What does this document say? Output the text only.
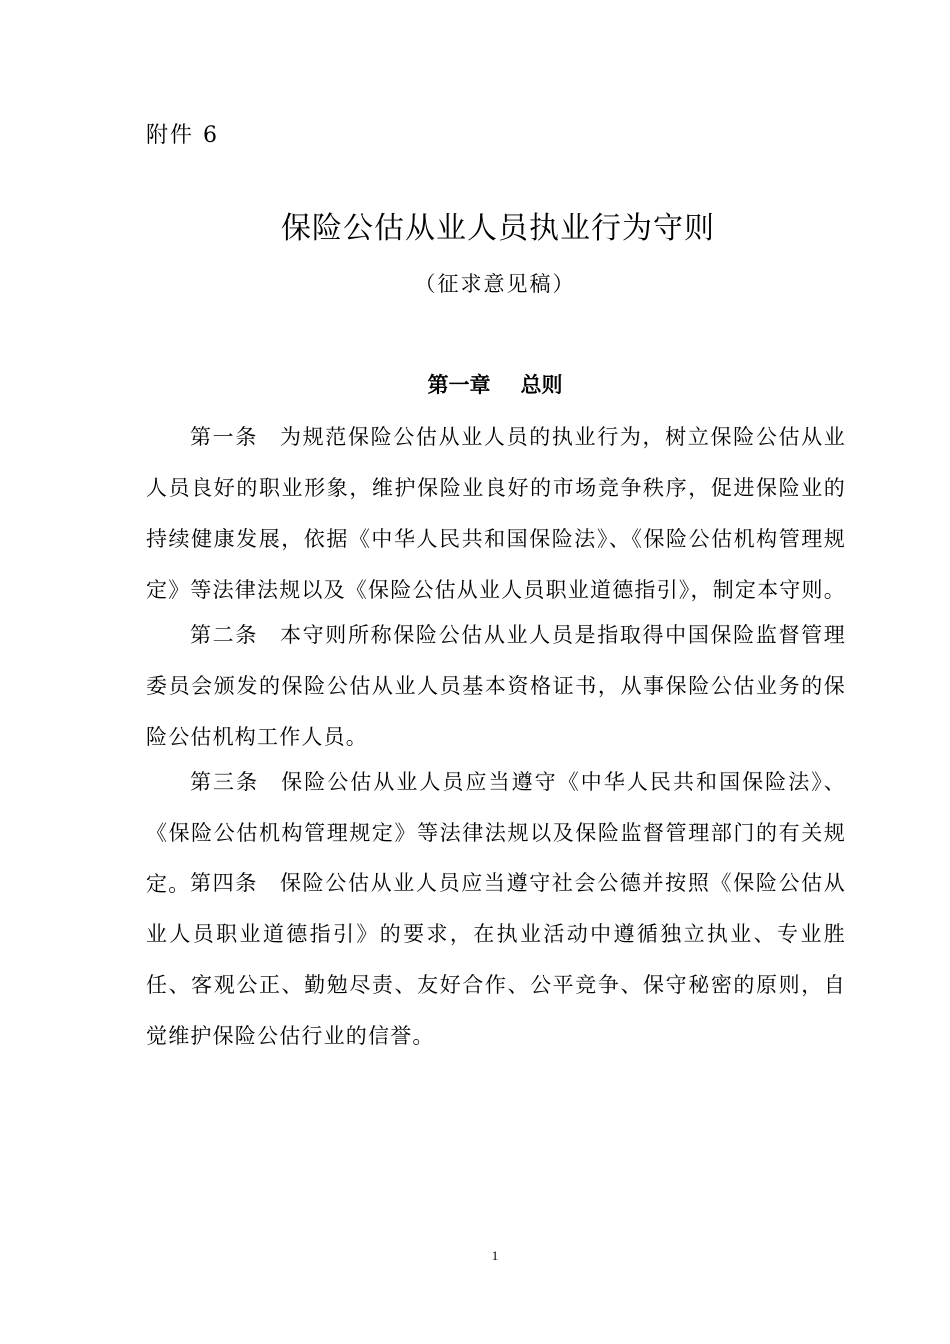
附件 6
保险公估从业人员执业行为守则
（征求意见稿）
第一章 总则

第一条 为规范保险公估从业人员的执业行为，树立保险公估从业人员良好的职业形象，维护保险业良好的市场竞争秩序，促进保险业的持续健康发展，依据《中华人民共和国保险法》、《保险公估机构管理规定》等法律法规以及《保险公估从业人员职业道德指引》，制定本守则。

第二条 本守则所称保险公估从业人员是指取得中国保险监督管理委员会颁发的保险公估从业人员基本资格证书，从事保险公估业务的保险公估机构工作人员。

第三条 保险公估从业人员应当遵守《中华人民共和国保险法》、《保险公估机构管理规定》等法律法规以及保险监督管理部门的有关规定。 第四条 保险公估从业人员应当遵守社会公德并按照《保险公估从业人员职业道德指引》的要求，在执业活动中遵循独立执业、专业胜任、客观公正、勤勉尽责、友好合作、公平竞争、保守秘密的原则，自觉维护保险公估行业的信誉。

1
